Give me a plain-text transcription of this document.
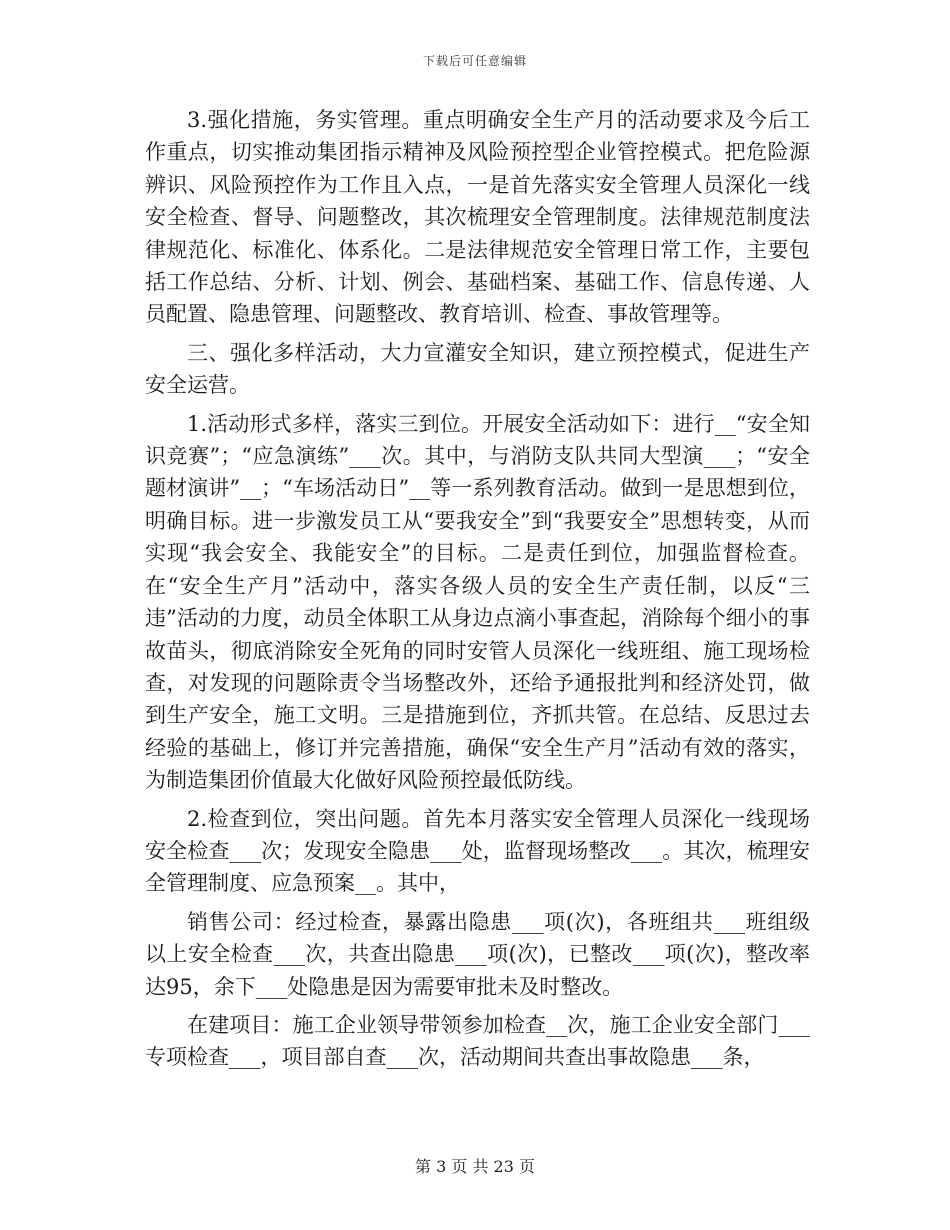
下载后可任意编辑

3.强化措施，务实管理。重点明确安全生产月的活动要求及今后工作重点，切实推动集团指示精神及风险预控型企业管控模式。把危险源辨识、风险预控作为工作且入点，一是首先落实安全管理人员深化一线安全检查、督导、问题整改，其次梳理安全管理制度。法律规范制度法律规范化、标准化、体系化。二是法律规范安全管理日常工作，主要包括工作总结、分析、计划、例会、基础档案、基础工作、信息传递、人员配置、隐患管理、问题整改、教育培训、检查、事故管理等。

三、强化多样活动，大力宣灌安全知识，建立预控模式，促进生产安全运营。

1.活动形式多样，落实三到位。开展安全活动如下：进行__“安全知识竞赛”；“应急演练”___次。其中，与消防支队共同大型演___；“安全题材演讲”__；“车场活动日”__等一系列教育活动。做到一是思想到位，明确目标。进一步激发员工从“要我安全”到“我要安全”思想转变，从而实现“我会安全、我能安全”的目标。二是责任到位，加强监督检查。在“安全生产月”活动中，落实各级人员的安全生产责任制，以反“三违”活动的力度，动员全体职工从身边点滴小事查起，消除每个细小的事故苗头，彻底消除安全死角的同时安管人员深化一线班组、施工现场检查，对发现的问题除责令当场整改外，还给予通报批判和经济处罚，做到生产安全，施工文明。三是措施到位，齐抓共管。在总结、反思过去经验的基础上，修订并完善措施，确保“安全生产月”活动有效的落实，为制造集团价值最大化做好风险预控最低防线。

2.检查到位，突出问题。首先本月落实安全管理人员深化一线现场安全检查___次；发现安全隐患___处，监督现场整改___。其次，梳理安全管理制度、应急预案__。其中，

销售公司：经过检查，暴露出隐患___项(次)，各班组共___班组级以上安全检查___次，共查出隐患___项(次)，已整改___项(次)，整改率达95，余下___处隐患是因为需要审批未及时整改。

在建项目：施工企业领导带领参加检查__次，施工企业安全部门___专项检查___，项目部自查___次，活动期间共查出事故隐患___条，

第 3 页 共 23 页
